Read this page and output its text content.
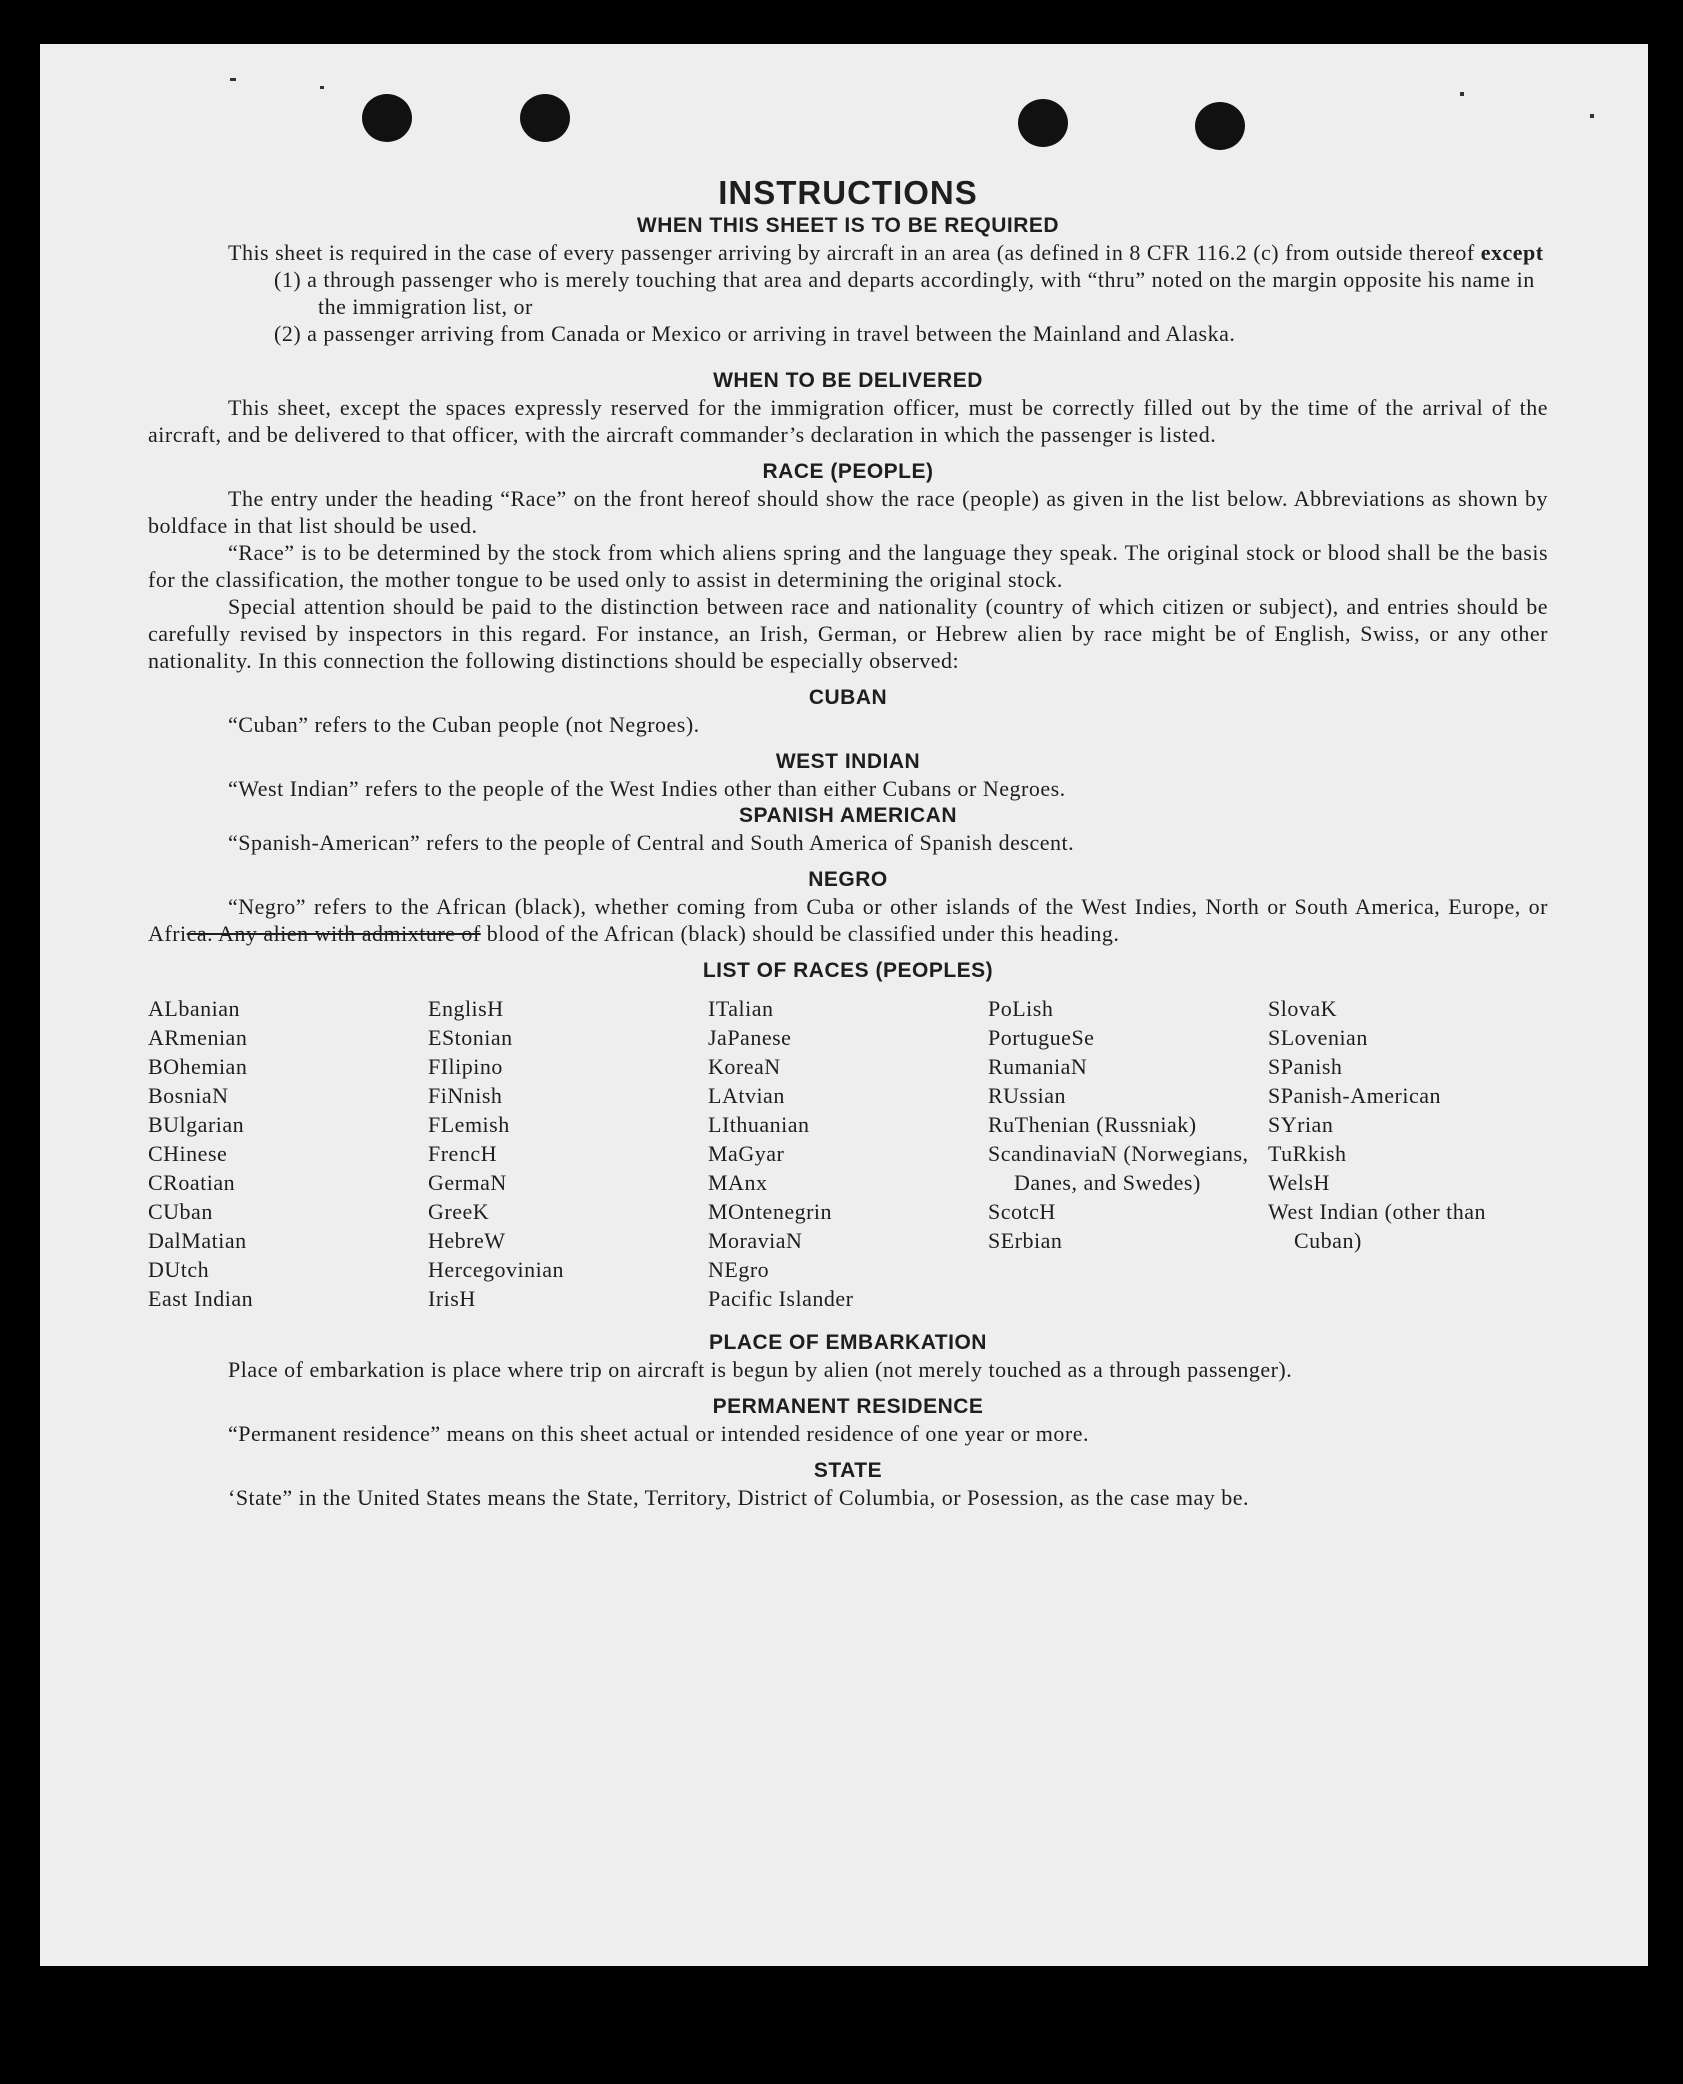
INSTRUCTIONS
WHEN THIS SHEET IS TO BE REQUIRED

This sheet is required in the case of every passenger arriving by aircraft in an area (as defined in 8 CFR 116.2 (c) from outside thereof except

(1) a through passenger who is merely touching that area and departs accordingly, with “thru” noted on the margin opposite his name in the immigration list, or

(2) a passenger arriving from Canada or Mexico or arriving in travel between the Mainland and Alaska.

WHEN TO BE DELIVERED

This sheet, except the spaces expressly reserved for the immigration officer, must be correctly filled out by the time of the arrival of the aircraft, and be delivered to that officer, with the aircraft commander’s declaration in which the passenger is listed.

RACE (PEOPLE)

The entry under the heading “Race” on the front hereof should show the race (people) as given in the list below. Abbreviations as shown by boldface in that list should be used.

“Race” is to be determined by the stock from which aliens spring and the language they speak. The original stock or blood shall be the basis for the classification, the mother tongue to be used only to assist in determining the original stock.

Special attention should be paid to the distinction between race and nationality (country of which citizen or subject), and entries should be carefully revised by inspectors in this regard. For instance, an Irish, German, or Hebrew alien by race might be of English, Swiss, or any other nationality. In this connection the following distinctions should be especially observed:

CUBAN

“Cuban” refers to the Cuban people (not Negroes).

WEST INDIAN

“West Indian” refers to the people of the West Indies other than either Cubans or Negroes.

SPANISH AMERICAN

“Spanish-American” refers to the people of Central and South America of Spanish descent.

NEGRO

“Negro” refers to the African (black), whether coming from Cuba or other islands of the West Indies, North or South America, Europe, or Africa. Any alien with admixture of blood of the African (black) should be classified under this heading.

LIST OF RACES (PEOPLES)
ALbanian
ARmenian
BOhemian
BosniaN
BUlgarian
CHinese
CRoatian
CUban
DalMatian
DUtch
East Indian
EnglisH
EStonian
FIlipino
FiNnish
FLemish
FrencH
GermaN
GreeK
HebreW
Hercegovinian
IrisH
ITalian
JaPanese
KoreaN
LAtvian
LIthuanian
MaGyar
MAnx
MOntenegrin
MoraviaN
NEgro
Pacific Islander
PoLish
PortugueSe
RumaniaN
RUssian
RuThenian (Russniak)
ScandinaviaN (Norwegians, Danes, and Swedes)
ScotcH
SErbian
SlovaK
SLovenian
SPanish
SPanish-American
SYrian
TuRkish
WelsH
West Indian (other than Cuban)
PLACE OF EMBARKATION

Place of embarkation is place where trip on aircraft is begun by alien (not merely touched as a through passenger).

PERMANENT RESIDENCE

“Permanent residence” means on this sheet actual or intended residence of one year or more.

STATE

‘State” in the United States means the State, Territory, District of Columbia, or Posession, as the case may be.
